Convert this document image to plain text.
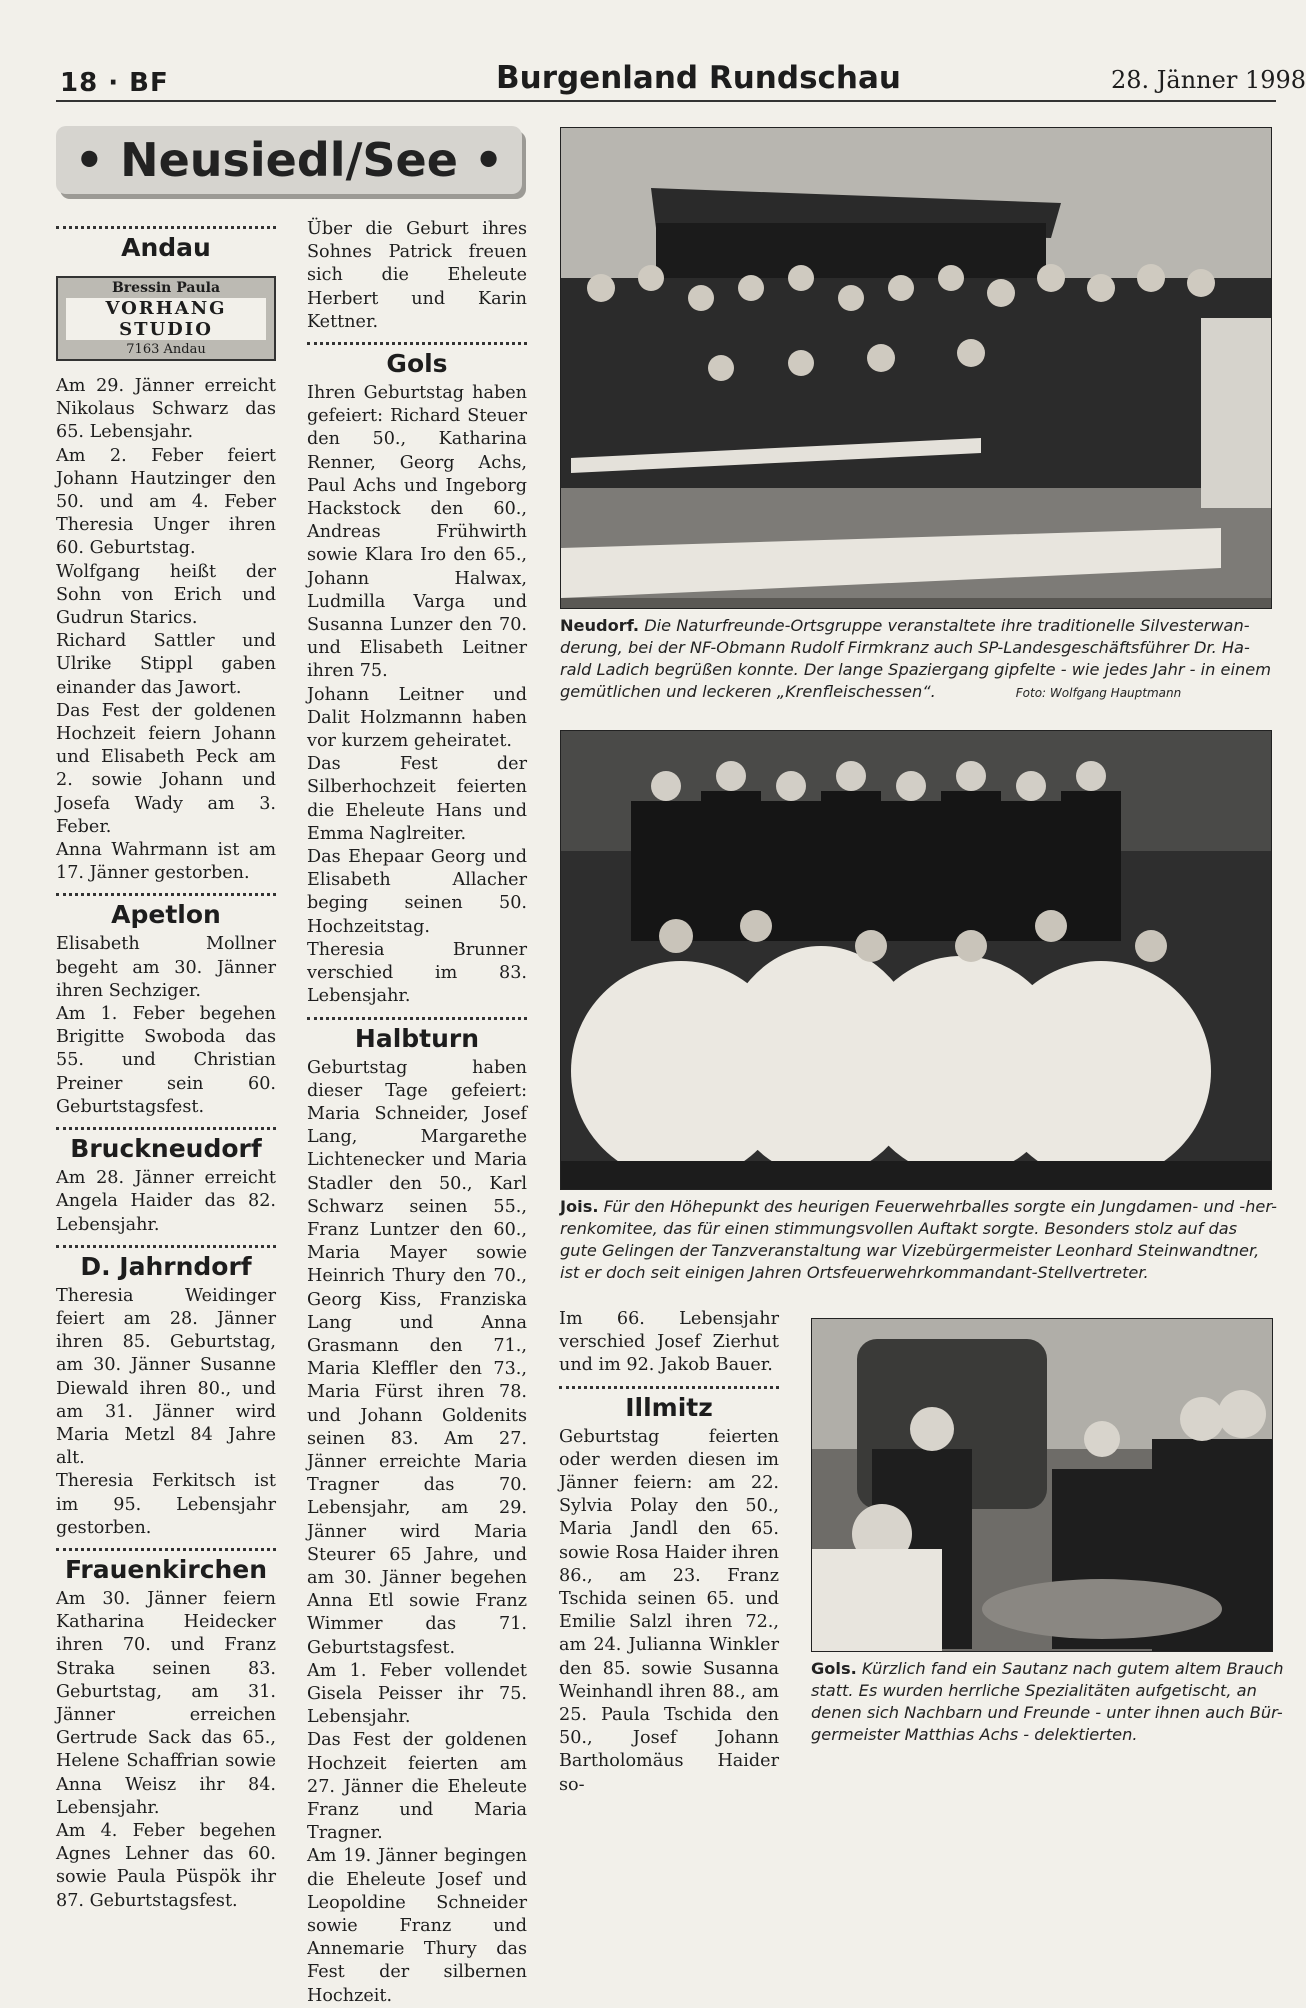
18 · BF	Burgenland Rundschau	28. Jänner 1998
• Neusiedl/See •
Andau
Bressin Paula
VORHANG STUDIO
7163 Andau

Am 29. Jänner erreicht Nikolaus Schwarz das 65. Lebensjahr.

Am 2. Feber feiert Johann Hautzinger den 50. und am 4. Feber Theresia Unger ihren 60. Geburtstag.

Wolfgang heißt der Sohn von Erich und Gudrun Starics.

Richard Sattler und Ulrike Stippl gaben einander das Jawort.

Das Fest der goldenen Hochzeit feiern Johann und Elisabeth Peck am 2. sowie Johann und Josefa Wady am 3. Feber.

Anna Wahrmann ist am 17. Jänner gestorben.

Apetlon

Elisabeth Mollner begeht am 30. Jänner ihren Sechziger.

Am 1. Feber begehen Brigitte Swoboda das 55. und Christian Preiner sein 60. Geburtstagsfest.

Bruckneudorf

Am 28. Jänner erreicht Angela Haider das 82. Lebensjahr.

D. Jahrndorf

Theresia Weidinger feiert am 28. Jänner ihren 85. Geburtstag, am 30. Jänner Susanne Diewald ihren 80., und am 31. Jänner wird Maria Metzl 84 Jahre alt.

Theresia Ferkitsch ist im 95. Lebensjahr gestorben.

Frauenkirchen

Am 30. Jänner feiern Katharina Heidecker ihren 70. und Franz Straka seinen 83. Geburtstag, am 31. Jänner erreichen Gertrude Sack das 65., Helene Schaffrian sowie Anna Weisz ihr 84. Lebensjahr.

Am 4. Feber begehen Agnes Lehner das 60. sowie Paula Püspök ihr 87. Geburtstagsfest.

Über die Geburt ihres Sohnes Patrick freuen sich die Eheleute Herbert und Karin Kettner.

Gols

Ihren Geburtstag haben gefeiert: Richard Steuer den 50., Katharina Renner, Georg Achs, Paul Achs und Ingeborg Hackstock den 60., Andreas Frühwirth sowie Klara Iro den 65., Johann Halwax, Ludmilla Varga und Susanna Lunzer den 70. und Elisabeth Leitner ihren 75.

Johann Leitner und Dalit Holzmannn haben vor kurzem geheiratet.

Das Fest der Silberhochzeit feierten die Eheleute Hans und Emma Naglreiter.

Das Ehepaar Georg und Elisabeth Allacher beging seinen 50. Hochzeitstag.

Theresia Brunner verschied im 83. Lebensjahr.

Halbturn

Geburtstag haben dieser Tage gefeiert: Maria Schneider, Josef Lang, Margarethe Lichtenecker und Maria Stadler den 50., Karl Schwarz seinen 55., Franz Luntzer den 60., Maria Mayer sowie Heinrich Thury den 70., Georg Kiss, Franziska Lang und Anna Grasmann den 71., Maria Kleffler den 73., Maria Fürst ihren 78. und Johann Goldenits seinen 83. Am 27. Jänner erreichte Maria Tragner das 70. Lebensjahr, am 29. Jänner wird Maria Steurer 65 Jahre, und am 30. Jänner begehen Anna Etl sowie Franz Wimmer das 71. Geburtstagsfest.

Am 1. Feber vollendet Gisela Peisser ihr 75. Lebensjahr.

Das Fest der goldenen Hochzeit feierten am 27. Jänner die Eheleute Franz und Maria Tragner.

Am 19. Jänner begingen die Eheleute Josef und Leopoldine Schneider sowie Franz und Annemarie Thury das Fest der silbernen Hochzeit.

Neudorf. Die Naturfreunde-Ortsgruppe veranstaltete ihre traditionelle Silvesterwan-
derung, bei der NF-Obmann Rudolf Firmkranz auch SP-Landesgeschäftsführer Dr. Ha-
rald Ladich begrüßen konnte. Der lange Spaziergang gipfelte - wie jedes Jahr - in einem
gemütlichen und leckeren „Krenfleischessen“.	Foto: Wolfgang Hauptmann
Jois. Für den Höhepunkt des heurigen Feuerwehrballes sorgte ein Jungdamen- und -her-
renkomitee, das für einen stimmungsvollen Auftakt sorgte. Besonders stolz auf das
gute Gelingen der Tanzveranstaltung war Vizebürgermeister Leonhard Steinwandtner,
ist er doch seit einigen Jahren Ortsfeuerwehrkommandant-Stellvertreter.

Im 66. Lebensjahr verschied Josef Zierhut und im 92. Jakob Bauer.

Illmitz

Geburtstag feierten oder werden diesen im Jänner feiern: am 22. Sylvia Polay den 50., Maria Jandl den 65. sowie Rosa Haider ihren 86., am 23. Franz Tschida seinen 65. und Emilie Salzl ihren 72., am 24. Julianna Winkler den 85. sowie Susanna Weinhandl ihren 88., am 25. Paula Tschida den 50., Josef Johann Bartholomäus Haider so-

Gols. Kürzlich fand ein Sautanz nach gutem altem Brauch
statt. Es wurden herrliche Spezialitäten aufgetischt, an
denen sich Nachbarn und Freunde - unter ihnen auch Bür-
germeister Matthias Achs - delektierten.
